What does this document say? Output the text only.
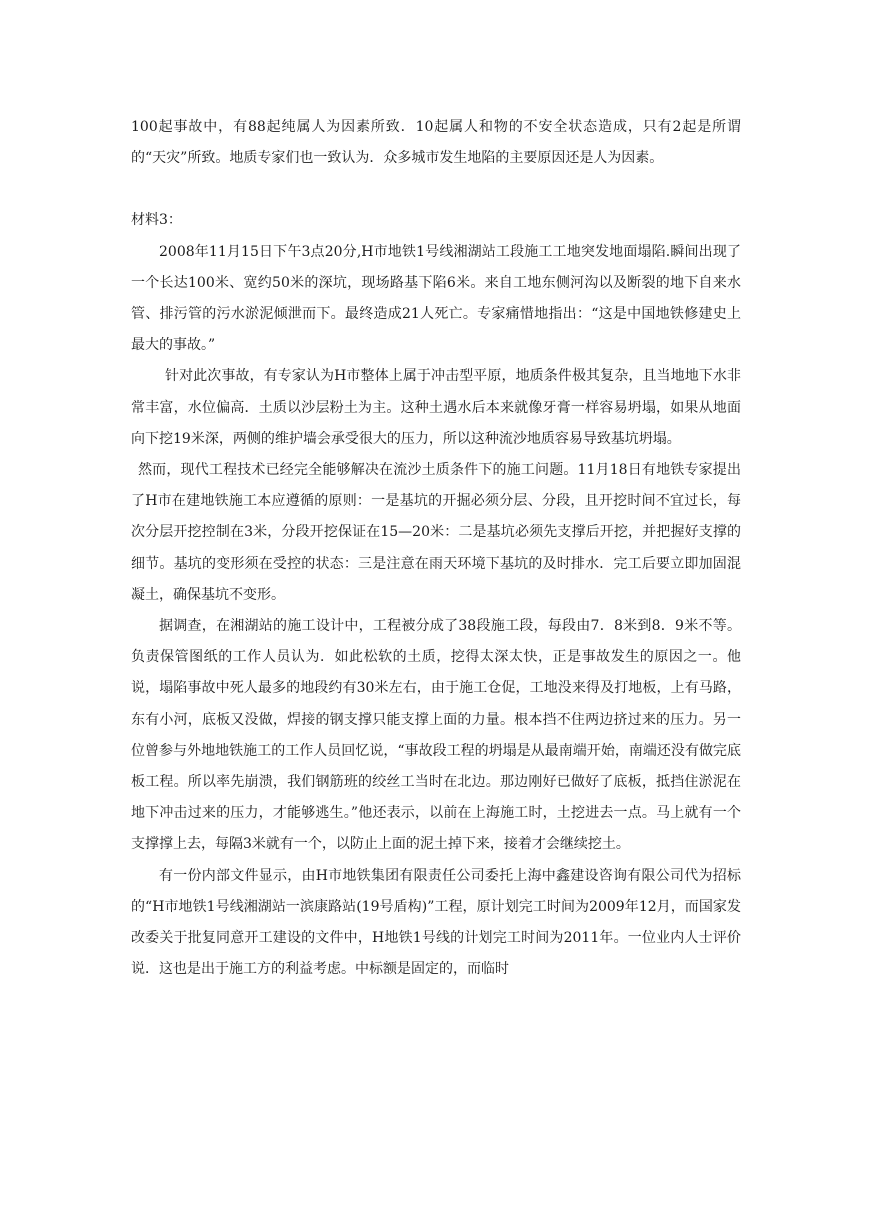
100起事故中，有88起纯属人为因素所致．10起属人和物的不安全状态造成，只有2起是所谓的“天灾”所致。地质专家们也一致认为．众多城市发生地陷的主要原因还是人为因素。

材料3：

2008年11月15日下午3点20分,H市地铁1号线湘湖站工段施工工地突发地面塌陷.瞬间出现了一个长达100米、宽约50米的深坑，现场路基下陷6米。来自工地东侧河沟以及断裂的地下自来水管、排污管的污水淤泥倾泄而下。最终造成21人死亡。专家痛惜地指出：“这是中国地铁修建史上最大的事故。”

针对此次事故，有专家认为H市整体上属于冲击型平原，地质条件极其复杂，且当地地下水非常丰富，水位偏高．土质以沙层粉土为主。这种土遇水后本来就像牙膏一样容易坍塌，如果从地面向下挖19米深，两侧的维护墙会承受很大的压力，所以这种流沙地质容易导致基坑坍塌。

然而，现代工程技术已经完全能够解决在流沙土质条件下的施工问题。11月18日有地铁专家提出了H市在建地铁施工本应遵循的原则：一是基坑的开掘必须分层、分段，且开挖时间不宜过长，每次分层开挖控制在3米，分段开挖保证在15—20米：二是基坑必须先支撑后开挖，并把握好支撑的细节。基坑的变形须在受控的状态：三是注意在雨天环境下基坑的及时排水．完工后要立即加固混凝土，确保基坑不变形。

据调查，在湘湖站的施工设计中，工程被分成了38段施工段，每段由7．8米到8．9米不等。负责保管图纸的工作人员认为．如此松软的土质，挖得太深太快，正是事故发生的原因之一。他说，塌陷事故中死人最多的地段约有30米左右，由于施工仓促，工地没来得及打地板，上有马路，东有小河，底板又没做，焊接的钢支撑只能支撑上面的力量。根本挡不住两边挤过来的压力。另一位曾参与外地地铁施工的工作人员回忆说，“事故段工程的坍塌是从最南端开始，南端还没有做完底板工程。所以率先崩溃，我们钢筋班的绞丝工当时在北边。那边刚好已做好了底板，抵挡住淤泥在地下冲击过来的压力，才能够逃生。”他还表示，以前在上海施工时，土挖进去一点。马上就有一个支撑撑上去，每隔3米就有一个，以防止上面的泥土掉下来，接着才会继续挖土。

有一份内部文件显示，由H市地铁集团有限责任公司委托上海中鑫建设咨询有限公司代为招标的“H市地铁1号线湘湖站一滨康路站(19号盾构)”工程，原计划完工时间为2009年12月，而国家发改委关于批复同意开工建设的文件中，H地铁1号线的计划完工时间为2011年。一位业内人士评价说．这也是出于施工方的利益考虑。中标额是固定的，而临时
